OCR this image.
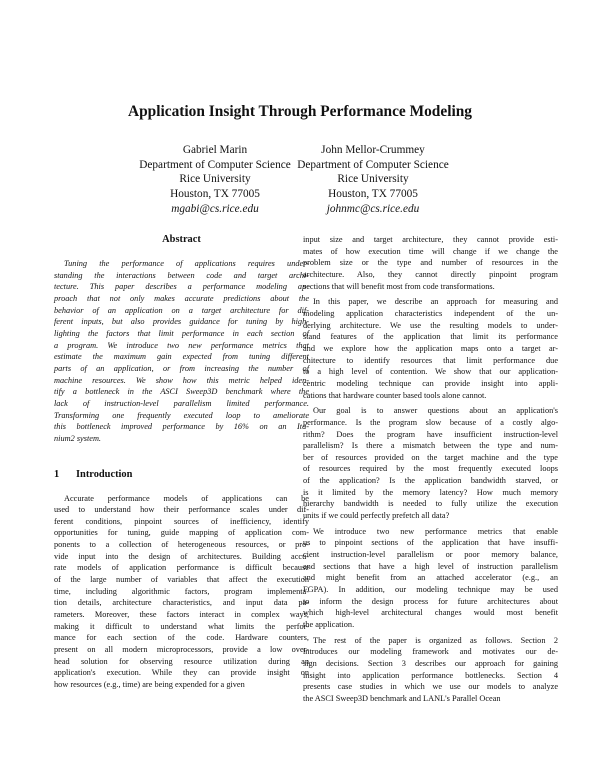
Application Insight Through Performance Modeling
Gabriel Marin
Department of Computer Science
Rice University
Houston, TX 77005
mgabi@cs.rice.edu
John Mellor-Crummey
Department of Computer Science
Rice University
Houston, TX 77005
johnmc@cs.rice.edu
Abstract
Tuning the performance of applications requires under-
standing the interactions between code and target archi-
tecture. This paper describes a performance modeling ap-
proach that not only makes accurate predictions about the
behavior of an application on a target architecture for dif-
ferent inputs, but also provides guidance for tuning by high-
lighting the factors that limit performance in each section of
a program. We introduce two new performance metrics that
estimate the maximum gain expected from tuning different
parts of an application, or from increasing the number of
machine resources. We show how this metric helped iden-
tify a bottleneck in the ASCI Sweep3D benchmark where the
lack of instruction-level parallelism limited performance.
Transforming one frequently executed loop to ameliorate
this bottleneck improved performance by 16% on an Ita-
nium2 system.
1 Introduction
Accurate performance models of applications can be
used to understand how their performance scales under dif-
ferent conditions, pinpoint sources of inefficiency, identify
opportunities for tuning, guide mapping of application com-
ponents to a collection of heterogeneous resources, or pro-
vide input into the design of architectures. Building accu-
rate models of application performance is difficult because
of the large number of variables that affect the execution
time, including algorithmic factors, program implementa-
tion details, architecture characteristics, and input data pa-
rameters. Moreover, these factors interact in complex ways,
making it difficult to understand what limits the perfor-
mance for each section of the code. Hardware counters,
present on all modern microprocessors, provide a low over-
head solution for observing resource utilization during an
application's execution. While they can provide insight on
how resources (e.g., time) are being expended for a given
input size and target architecture, they cannot provide esti-
mates of how execution time will change if we change the
problem size or the type and number of resources in the
architecture. Also, they cannot directly pinpoint program
sections that will benefit most from code transformations.
In this paper, we describe an approach for measuring and
modeling application characteristics independent of the un-
derlying architecture. We use the resulting models to under-
stand features of the application that limit its performance
and we explore how the application maps onto a target ar-
chitecture to identify resources that limit performance due
to a high level of contention. We show that our application-
centric modeling technique can provide insight into appli-
cations that hardware counter based tools alone cannot.
Our goal is to answer questions about an application's
performance. Is the program slow because of a costly algo-
rithm? Does the program have insufficient instruction-level
parallelism? Is there a mismatch between the type and num-
ber of resources provided on the target machine and the type
of resources required by the most frequently executed loops
of the application? Is the application bandwidth starved, or
is it limited by the memory latency? How much memory
hierarchy bandwidth is needed to fully utilize the execution
units if we could perfectly prefetch all data?
We introduce two new performance metrics that enable
us to pinpoint sections of the application that have insuffi-
cient instruction-level parallelism or poor memory balance,
and sections that have a high level of instruction parallelism
and might benefit from an attached accelerator (e.g., an
FGPA). In addition, our modeling technique may be used
to inform the design process for future architectures about
which high-level architectural changes would most benefit
the application.
The rest of the paper is organized as follows. Section 2
introduces our modeling framework and motivates our de-
sign decisions. Section 3 describes our approach for gaining
insight into application performance bottlenecks. Section 4
presents case studies in which we use our models to analyze
the ASCI Sweep3D benchmark and LANL's Parallel Ocean
